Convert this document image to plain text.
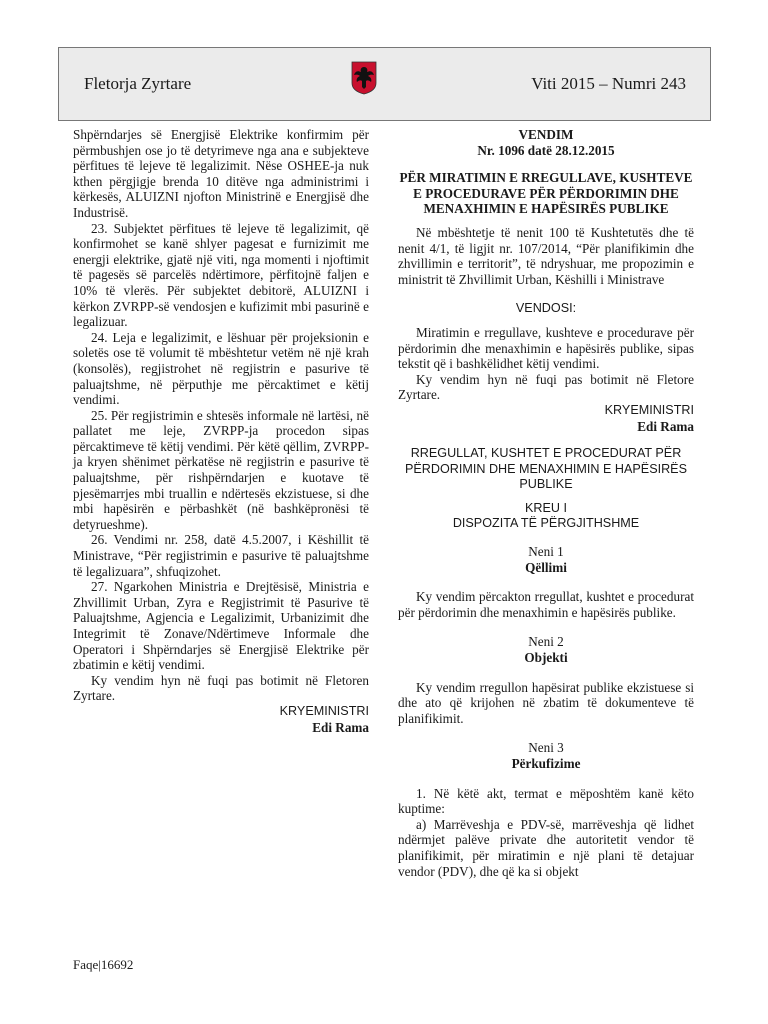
Fletorja Zyrtare	Viti 2015 – Numri 243

Shpërndarjes së Energjisë Elektrike konfirmim për përmbushjen ose jo të detyrimeve nga ana e subjekteve përfitues të lejeve të legalizimit. Nëse OSHEE-ja nuk kthen përgjigje brenda 10 ditëve nga administrimi i kërkesës, ALUIZNI njofton Ministrinë e Energjisë dhe Industrisë.

23. Subjektet përfitues të lejeve të legalizimit, që konfirmohet se kanë shlyer pagesat e furnizimit me energji elektrike, gjatë një viti, nga momenti i njoftimit të pagesës së parcelës ndërtimore, përfitojnë faljen e 10% të vlerës. Për subjektet debitorë, ALUIZNI i kërkon ZVRPP-së vendosjen e kufizimit mbi pasurinë e legalizuar.

24. Leja e legalizimit, e lëshuar për projeksionin e soletës ose të volumit të mbështetur vetëm në një krah (konsolës), regjistrohet në regjistrin e pasurive të paluajtshme, në përputhje me përcaktimet e këtij vendimi.

25. Për regjistrimin e shtesës informale në lartësi, në pallatet me leje, ZVRPP-ja procedon sipas përcaktimeve të këtij vendimi. Për këtë qëllim, ZVRPP-ja kryen shënimet përkatëse në regjistrin e pasurive të paluajtshme, për rishpërndarjen e kuotave të pjesëmarrjes mbi truallin e ndërtesës ekzistuese, si dhe mbi hapësirën e përbashkët (në bashkëpronësi të detyrueshme).

26. Vendimi nr. 258, datë 4.5.2007, i Këshillit të Ministrave, “Për regjistrimin e pasurive të paluajtshme të legalizuara”, shfuqizohet.

27. Ngarkohen Ministria e Drejtësisë, Ministria e Zhvillimit Urban, Zyra e Regjistrimit të Pasurive të Paluajtshme, Agjencia e Legalizimit, Urbanizimit dhe Integrimit të Zonave/Ndërtimeve Informale dhe Operatori i Shpërndarjes së Energjisë Elektrike për zbatimin e këtij vendimi.

Ky vendim hyn në fuqi pas botimit në Fletoren Zyrtare.

KRYEMINISTRI

Edi Rama

VENDIM

Nr. 1096 datë 28.12.2015

PËR MIRATIMIN E RREGULLAVE, KUSHTEVE E PROCEDURAVE PËR PËRDORIMIN DHE MENAXHIMIN E HAPËSIRËS PUBLIKE

Në mbështetje të nenit 100 të Kushtetutës dhe të nenit 4/1, të ligjit nr. 107/2014, “Për planifikimin dhe zhvillimin e territorit”, të ndryshuar, me propozimin e ministrit të Zhvillimit Urban, Këshilli i Ministrave

VENDOSI:

Miratimin e rregullave, kushteve e procedurave për përdorimin dhe menaxhimin e hapësirës publike, sipas tekstit që i bashkëlidhet këtij vendimi.

Ky vendim hyn në fuqi pas botimit në Fletore Zyrtare.

KRYEMINISTRI

Edi Rama

RREGULLAT, KUSHTET E PROCEDURAT PËR PËRDORIMIN DHE MENAXHIMIN E HAPËSIRËS PUBLIKE

KREU I

DISPOZITA TË PËRGJITHSHME

Neni 1

Qëllimi

Ky vendim përcakton rregullat, kushtet e procedurat për përdorimin dhe menaxhimin e hapësirës publike.

Neni 2

Objekti

Ky vendim rregullon hapësirat publike ekzistuese si dhe ato që krijohen në zbatim të dokumenteve të planifikimit.

Neni 3

Përkufizime

1. Në këtë akt, termat e mëposhtëm kanë këto kuptime:

a) Marrëveshja e PDV-së, marrëveshja që lidhet ndërmjet palëve private dhe autoritetit vendor të planifikimit, për miratimin e një plani të detajuar vendor (PDV), dhe që ka si objekt

Faqe|16692
